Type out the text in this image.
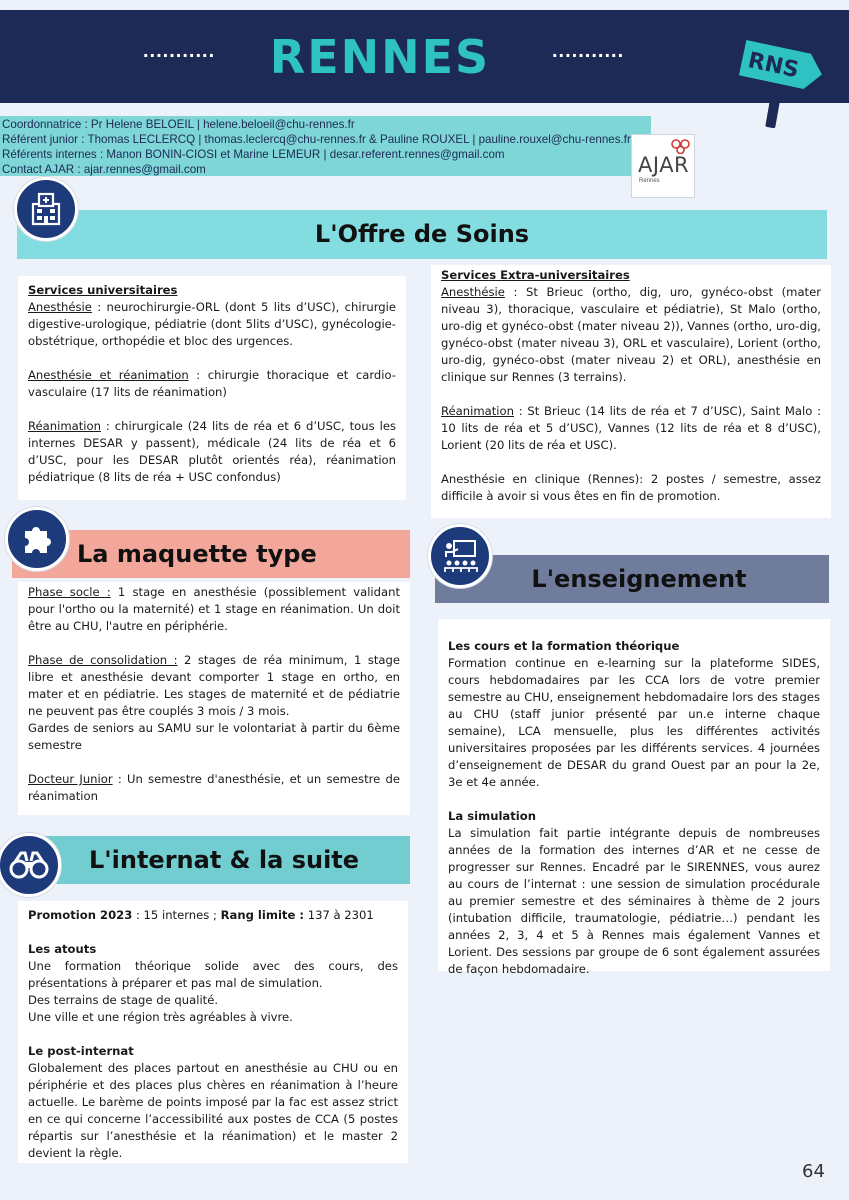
...........	RENNES	...........	RNS
Coordonnatrice : Pr Helene BELOEIL | helene.beloeil@chu-rennes.fr
Référent junior : Thomas LECLERCQ | thomas.leclercq@chu-rennes.fr & Pauline ROUXEL | pauline.rouxel@chu-rennes.fr
Référents internes : Manon BONIN-CIOSI et Marine LEMEUR | desar.referent.rennes@gmail.com
Contact AJAR : ajar.rennes@gmail.com	AJAR
Rennes
L'Offre de Soins

Services universitaires

Anesthésie : neurochirurgie-ORL (dont 5 lits d’USC), chirurgie digestive-urologique, pédiatrie (dont 5lits d’USC), gynécologie-obstétrique, orthopédie et bloc des urgences.

Anesthésie et réanimation : chirurgie thoracique et cardio-vasculaire (17 lits de réanimation)

Réanimation : chirurgicale (24 lits de réa et 6 d’USC, tous les internes DESAR y passent), médicale (24 lits de réa et 6 d’USC, pour les DESAR plutôt orientés réa), réanimation pédiatrique (8 lits de réa + USC confondus)

Services Extra-universitaires

Anesthésie : St Brieuc (ortho, dig, uro, gynéco-obst (mater niveau 3), thoracique, vasculaire et pédiatrie), St Malo (ortho, uro-dig et gynéco-obst (mater niveau 2)), Vannes (ortho, uro-dig, gynéco-obst (mater niveau 3), ORL et vasculaire), Lorient (ortho, uro-dig, gynéco-obst (mater niveau 2) et ORL), anesthésie en clinique sur Rennes (3 terrains).

Réanimation : St Brieuc (14 lits de réa et 7 d’USC), Saint Malo : 10 lits de réa et 5 d’USC), Vannes (12 lits de réa et 8 d’USC), Lorient (20 lits de réa et USC).

Anesthésie en clinique (Rennes): 2 postes / semestre, assez difficile à avoir si vous êtes en fin de promotion.

La maquette type

Phase socle : 1 stage en anesthésie (possiblement validant pour l'ortho ou la maternité) et 1 stage en réanimation. Un doit être au CHU, l'autre en périphérie.

Phase de consolidation : 2 stages de réa minimum, 1 stage libre et anesthésie devant comporter 1 stage en ortho, en mater et en pédiatrie. Les stages de maternité et de pédiatrie ne peuvent pas être couplés 3 mois / 3 mois.

Gardes de seniors au SAMU sur le volontariat à partir du 6ème semestre

Docteur Junior : Un semestre d'anesthésie, et un semestre de réanimation

L'enseignement

Les cours et la formation théorique

Formation continue en e-learning sur la plateforme SIDES, cours hebdomadaires par les CCA lors de votre premier semestre au CHU, enseignement hebdomadaire lors des stages au CHU (staff junior présenté par un.e interne chaque semaine), LCA mensuelle, plus les différentes activités universitaires proposées par les différents services. 4 journées d’enseignement de DESAR du grand Ouest par an pour la 2e, 3e et 4e année.

La simulation

La simulation fait partie intégrante depuis de nombreuses années de la formation des internes d’AR et ne cesse de progresser sur Rennes. Encadré par le SIRENNES, vous aurez au cours de l’internat : une session de simulation procédurale au premier semestre et des séminaires à thème de 2 jours (intubation difficile, traumatologie, pédiatrie…) pendant les années 2, 3, 4 et 5 à Rennes mais également Vannes et Lorient. Des sessions par groupe de 6 sont également assurées de façon hebdomadaire.

L'internat & la suite

Promotion 2023 : 15 internes ; Rang limite : 137 à 2301

Les atouts

Une formation théorique solide avec des cours, des présentations à préparer et pas mal de simulation.

Des terrains de stage de qualité.

Une ville et une région très agréables à vivre.

Le post-internat

Globalement des places partout en anesthésie au CHU ou en périphérie et des places plus chères en réanimation à l’heure actuelle. Le barème de points imposé par la fac est assez strict en ce qui concerne l’accessibilité aux postes de CCA (5 postes répartis sur l’anesthésie et la réanimation) et le master 2 devient la règle.

64
